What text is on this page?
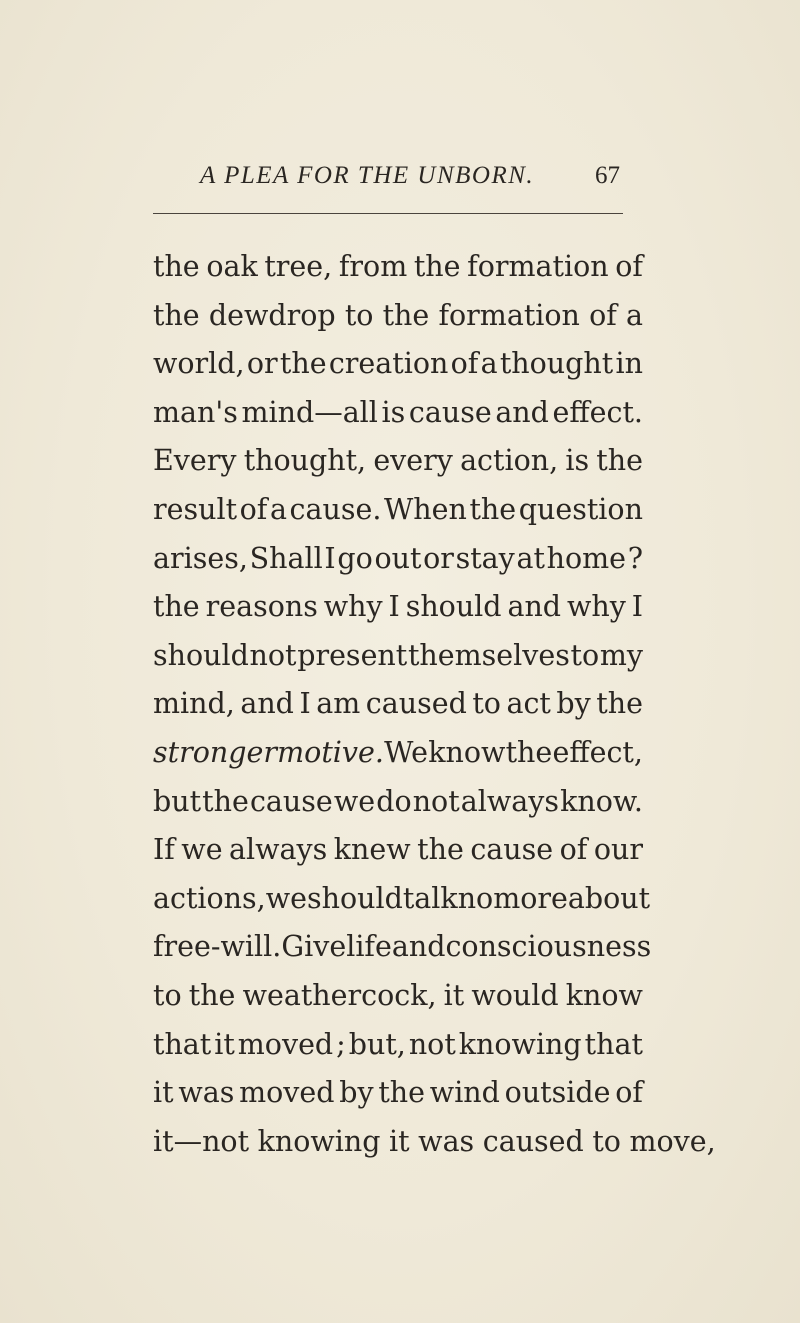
A PLEA FOR THE UNBORN. 67
the oak tree, from the formation of
the dewdrop to the formation of a
world, or the creation of a thought in
man's mind—all is cause and effect.
Every thought, every action, is the
result of a cause. When the question
arises, Shall I go out or stay at home ?
the reasons why I should and why I
should not present themselves to my
mind, and I am caused to act by the
stronger motive. We know the effect,
but the cause we do not always know.
If we always knew the cause of our
actions, we should talk no more about
free-will. Give life and consciousness
to the weathercock, it would know
that it moved ; but, not knowing that
it was moved by the wind outside of
it—not knowing it was caused to move,
